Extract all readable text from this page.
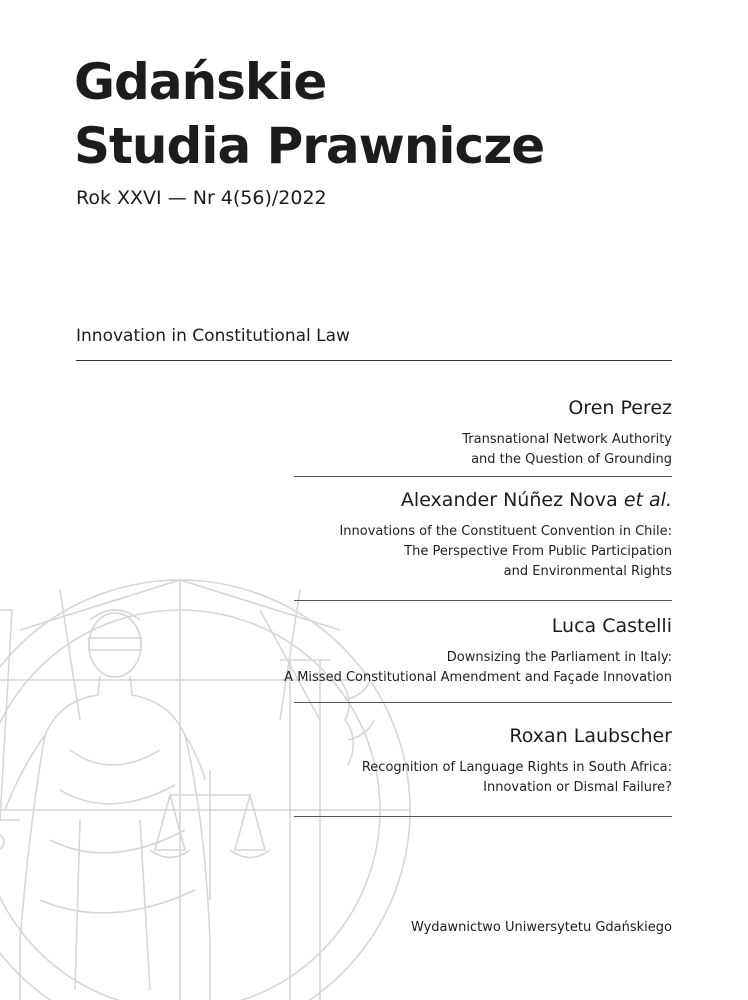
Gdańskie
Studia Prawnicze
Rok XXVI — Nr 4(56)/2022
Innovation in Constitutional Law
Oren Perez
Transnational Network Authority
and the Question of Grounding
Alexander Núñez Nova et al.
Innovations of the Constituent Convention in Chile:
The Perspective From Public Participation
and Environmental Rights
Luca Castelli
Downsizing the Parliament in Italy:
A Missed Constitutional Amendment and Façade Innovation
Roxan Laubscher
Recognition of Language Rights in South Africa:
Innovation or Dismal Failure?
Wydawnictwo Uniwersytetu Gdańskiego
